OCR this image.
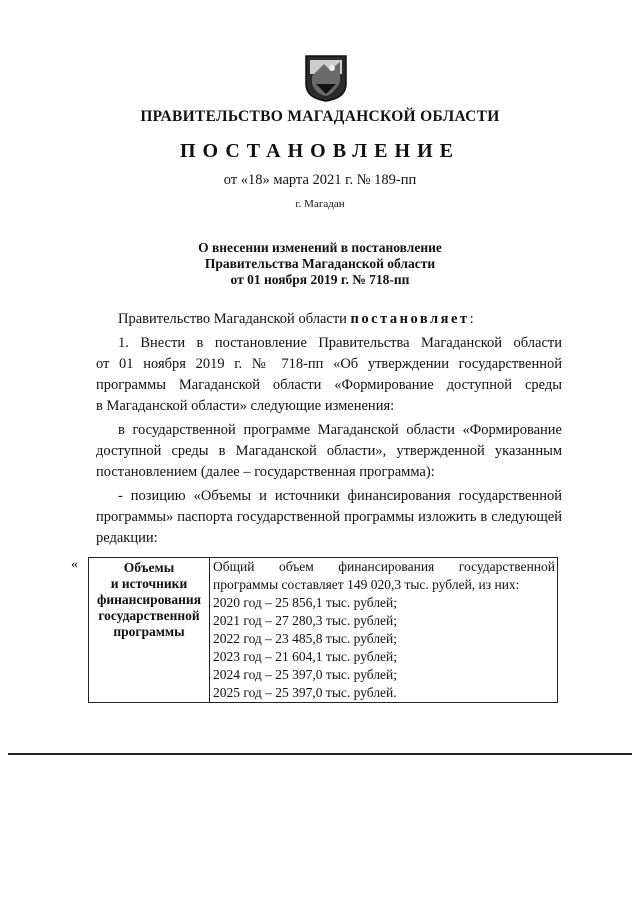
ПРАВИТЕЛЬСТВО МАГАДАНСКОЙ ОБЛАСТИ
ПОСТАНОВЛЕНИЕ
от «18» марта 2021 г. № 189-пп
г. Магадан
О внесении изменений в постановление
Правительства Магаданской области
от 01 ноября 2019 г. № 718-пп
Правительство Магаданской области постановляет:
1. Внести в постановление Правительства Магаданской области
от 01 ноября 2019 г. № 718-пп «Об утверждении государственной
программы Магаданской области «Формирование доступной среды
в Магаданской области» следующие изменения:
в государственной программе Магаданской области «Формирование
доступной среды в Магаданской области», утвержденной указанным
постановлением (далее – государственная программа):
- позицию «Объемы и источники финансирования государственной
программы» паспорта государственной программы изложить в следующей
редакции:
«	Объемы
и источники
финансирования
государственной
программы

Общий объем финансирования государственной
программы составляет 149 020,3 тыс. рублей, из них:
2020 год – 25 856,1 тыс. рублей;
2021 год – 27 280,3 тыс. рублей;
2022 год – 23 485,8 тыс. рублей;
2023 год – 21 604,1 тыс. рублей;
2024 год – 25 397,0 тыс. рублей;
2025 год – 25 397,0 тыс. рублей.
